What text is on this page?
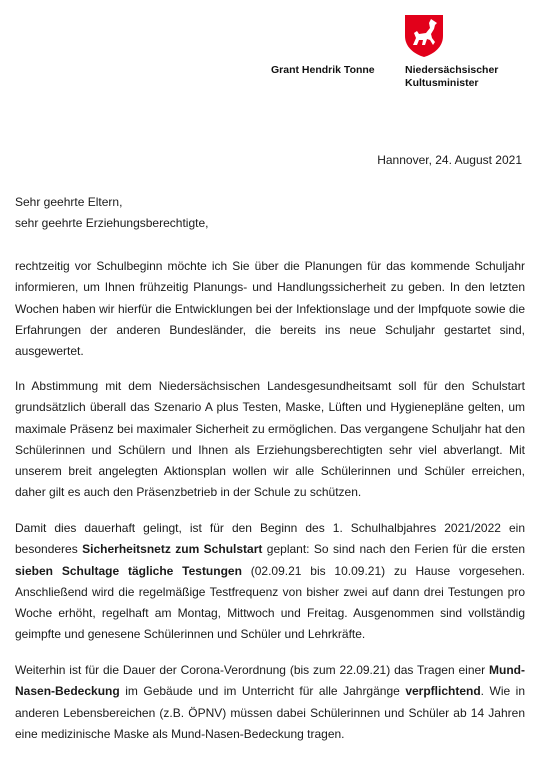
Grant Hendrik Tonne	Niedersächsischer
Kultusminister
Hannover, 24. August 2021
Sehr geehrte Eltern,
sehr geehrte Erziehungsberechtigte,
rechtzeitig vor Schulbeginn möchte ich Sie über die Planungen für das kommende Schuljahr informieren, um Ihnen frühzeitig Planungs- und Handlungssicherheit zu geben. In den letzten Wochen haben wir hierfür die Entwicklungen bei der Infektionslage und der Impfquote sowie die Erfahrungen der anderen Bundesländer, die bereits ins neue Schuljahr gestartet sind, ausgewertet.
In Abstimmung mit dem Niedersächsischen Landesgesundheitsamt soll für den Schulstart grundsätzlich überall das Szenario A plus Testen, Maske, Lüften und Hygienepläne gelten, um maximale Präsenz bei maximaler Sicherheit zu ermöglichen. Das vergangene Schuljahr hat den Schülerinnen und Schülern und Ihnen als Erziehungsberechtigten sehr viel abverlangt. Mit unserem breit angelegten Aktionsplan wollen wir alle Schülerinnen und Schüler erreichen, daher gilt es auch den Präsenzbetrieb in der Schule zu schützen.
Damit dies dauerhaft gelingt, ist für den Beginn des 1. Schulhalbjahres 2021/2022 ein besonderes Sicherheitsnetz zum Schulstart geplant: So sind nach den Ferien für die ersten sieben Schultage tägliche Testungen (02.09.21 bis 10.09.21) zu Hause vorgesehen. Anschließend wird die regelmäßige Testfrequenz von bisher zwei auf dann drei Testungen pro Woche erhöht, regelhaft am Montag, Mittwoch und Freitag. Ausgenommen sind vollständig geimpfte und genesene Schülerinnen und Schüler und Lehrkräfte.
Weiterhin ist für die Dauer der Corona-Verordnung (bis zum 22.09.21) das Tragen einer Mund-Nasen-Bedeckung im Gebäude und im Unterricht für alle Jahrgänge verpflichtend. Wie in anderen Lebensbereichen (z.B. ÖPNV) müssen dabei Schülerinnen und Schüler ab 14 Jahren eine medizinische Maske als Mund-Nasen-Bedeckung tragen.
